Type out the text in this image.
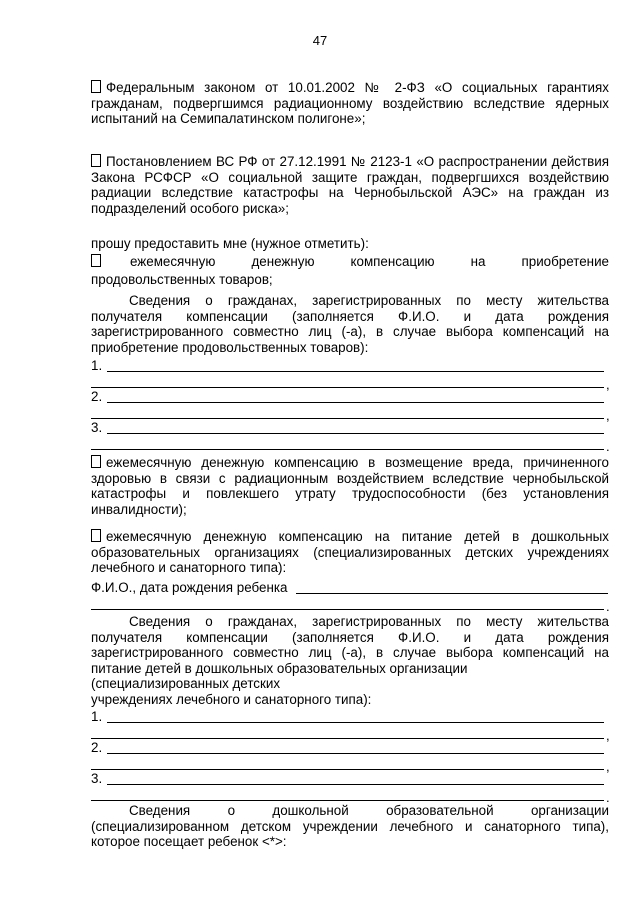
47
Федеральным законом от 10.01.2002 № 2-ФЗ «О социальных гарантиях гражданам, подвергшимся радиационному воздействию вследствие ядерных испытаний на Семипалатинском полигоне»;
Постановлением ВС РФ от 27.12.1991 № 2123-1 «О распространении действия Закона РСФСР «О социальной защите граждан, подвергшихся воздействию радиации вследствие катастрофы на Чернобыльской АЭС» на граждан из подразделений особого риска»;
прошу предоставить мне (нужное отметить):
ежемесячную денежную компенсацию на приобретение
продовольственных товаров;
Сведения о гражданах, зарегистрированных по месту жительства получателя компенсации (заполняется Ф.И.О. и дата рождения зарегистрированного совместно лиц (-а), в случае выбора компенсаций на приобретение продовольственных товаров):
1.
,
2.
,
3.
.
ежемесячную денежную компенсацию в возмещение вреда, причиненного здоровью в связи с радиационным воздействием вследствие чернобыльской катастрофы и повлекшего утрату трудоспособности (без установления инвалидности);
ежемесячную денежную компенсацию на питание детей в дошкольных образовательных организациях (специализированных детских учреждениях лечебного и санаторного типа):
Ф.И.О., дата рождения ребенка
.
Сведения о гражданах, зарегистрированных по месту жительства получателя компенсации (заполняется Ф.И.О. и дата рождения зарегистрированного совместно лиц (-а), в случае выбора компенсаций на питание детей в дошкольных образовательных организации
(специализированных детских
учреждениях лечебного и санаторного типа):
1.
,
2.
,
3.
.
Сведения о дошкольной образовательной организации (специализированном детском учреждении лечебного и санаторного типа), которое посещает ребенок <*>:
